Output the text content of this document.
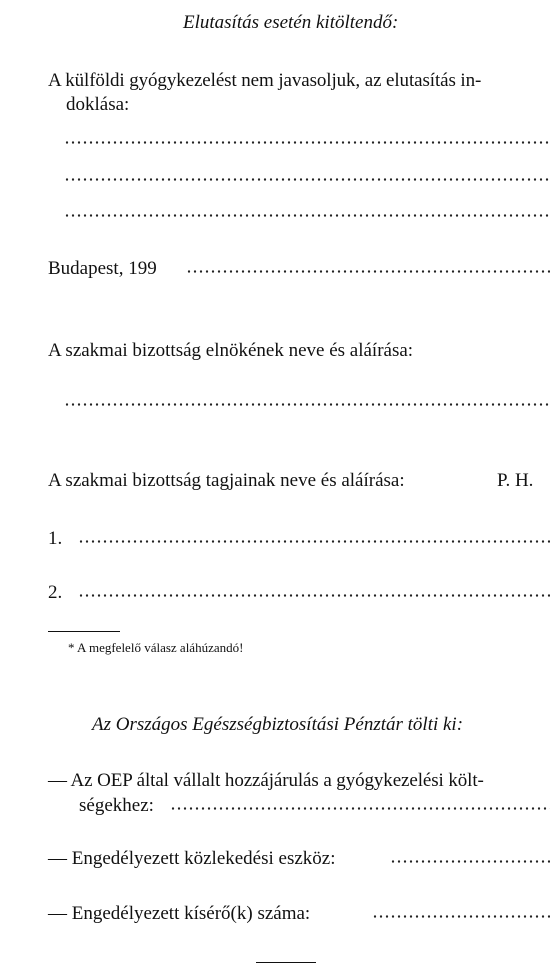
Elutasítás esetén kitöltendő:
A külföldi gyógykezelést nem javasoljuk, az elutasítás in-
doklása:
Budapest, 199
A szakmai bizottság elnökének neve és aláírása:
A szakmai bizottság tagjainak neve és aláírása:	P. H.
1.
2.
* A megfelelő válasz aláhúzandó!
Az Országos Egészségbiztosítási Pénztár tölti ki:
— Az OEP által vállalt hozzájárulás a gyógykezelési költ-
ségekhez:
— Engedélyezett közlekedési eszköz:
— Engedélyezett kísérő(k) száma:
